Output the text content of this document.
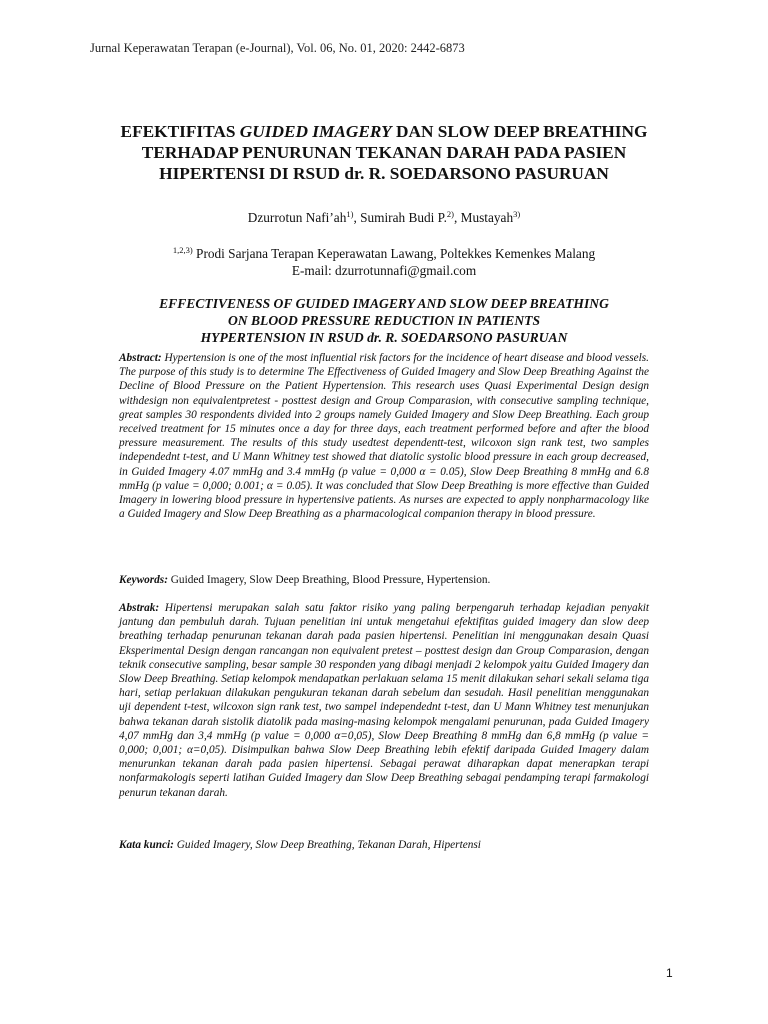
Jurnal Keperawatan Terapan (e-Journal), Vol. 06, No. 01, 2020: 2442-6873
EFEKTIFITAS GUIDED IMAGERY DAN SLOW DEEP BREATHING
TERHADAP PENURUNAN TEKANAN DARAH PADA PASIEN
HIPERTENSI DI RSUD dr. R. SOEDARSONO PASURUAN
Dzurrotun $Nafi’ah^{1)}$, Sumirah Budi P.$^{2)}$, Mustayah$^{3)}$
$^{1,2,3)}$ Prodi Sarjana Terapan Keperawatan Lawang, Poltekkes Kemenkes Malang
E-mail: dzurrotunnafi@gmail.com
EFFECTIVENESS OF GUIDED IMAGERY AND SLOW DEEP BREATHING
ON BLOOD PRESSURE REDUCTION IN PATIENTS
HYPERTENSION IN RSUD dr. R. SOEDARSONO PASURUAN
Abstract: Hypertension is one of the most influential risk factors for the incidence of heart disease and blood vessels. The purpose of this study is to determine The Effectiveness of Guided Imagery and Slow Deep Breathing Against the Decline of Blood Pressure on the Patient Hypertension. This research uses Quasi Experimental Design design withdesign non equivalentpretest - posttest design and Group Comparasion, with consecutive sampling technique, great samples 30 respondents divided into 2 groups namely Guided Imagery and Slow Deep Breathing. Each group received treatment for 15 minutes once a day for three days, each treatment performed before and after the blood pressure measurement. The results of this study usedtest dependentt-test, wilcoxon sign rank test, two samples independednt t-test, and U Mann Whitney test showed that diatolic systolic blood pressure in each group decreased, in Guided Imagery 4.07 mmHg and 3.4 mmHg (p value = 0,000 α = 0.05), Slow Deep Breathing 8 mmHg and 6.8 mmHg (p value = 0,000; 0.001; α = 0.05). It was concluded that Slow Deep Breathing is more effective than Guided Imagery in lowering blood pressure in hypertensive patients. As nurses are expected to apply nonpharmacology like a Guided Imagery and Slow Deep Breathing as a pharmacological companion therapy in blood pressure.
Keywords: Guided Imagery, Slow Deep Breathing, Blood Pressure, Hypertension.
Abstrak: Hipertensi merupakan salah satu faktor risiko yang paling berpengaruh terhadap kejadian penyakit jantung dan pembuluh darah. Tujuan penelitian ini untuk mengetahui efektifitas guided imagery dan slow deep breathing terhadap penurunan tekanan darah pada pasien hipertensi. Penelitian ini menggunakan desain Quasi Eksperimental Design dengan rancangan non equivalent pretest – posttest design dan Group Comparasion, dengan teknik consecutive sampling, besar sample 30 responden yang dibagi menjadi 2 kelompok yaitu Guided Imagery dan Slow Deep Breathing. Setiap kelompok mendapatkan perlakuan selama 15 menit dilakukan sehari sekali selama tiga hari, setiap perlakuan dilakukan pengukuran tekanan darah sebelum dan sesudah. Hasil penelitian menggunakan uji dependent t-test, wilcoxon sign rank test, two sampel independednt t-test, dan U Mann Whitney test menunjukan bahwa tekanan darah sistolik diatolik pada masing-masing kelompok mengalami penurunan, pada Guided Imagery 4,07 mmHg dan 3,4 mmHg (p value = 0,000 α=0,05), Slow Deep Breathing 8 mmHg dan 6,8 mmHg (p value = 0,000; 0,001; α=0,05). Disimpulkan bahwa Slow Deep Breathing lebih efektif daripada Guided Imagery dalam menurunkan tekanan darah pada pasien hipertensi. Sebagai perawat diharapkan dapat menerapkan terapi nonfarmakologis seperti latihan Guided Imagery dan Slow Deep Breathing sebagai pendamping terapi farmakologi penurun tekanan darah.
Kata kunci: Guided Imagery, Slow Deep Breathing, Tekanan Darah, Hipertensi
1
